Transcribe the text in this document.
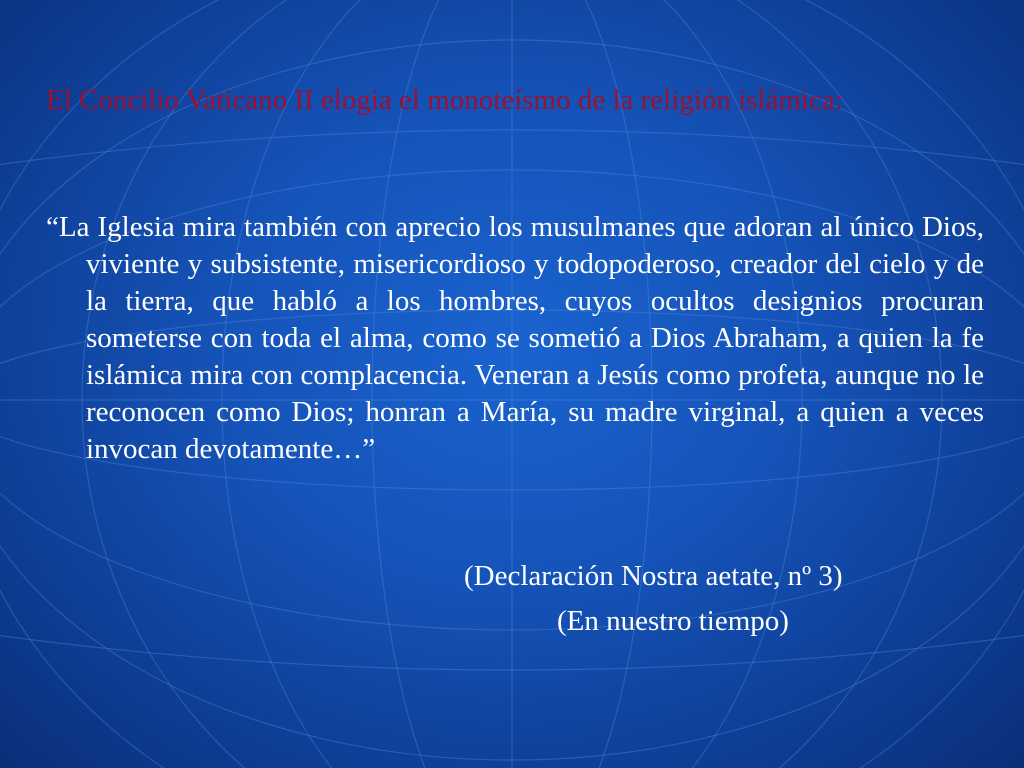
El Concilio Vaticano II elogia el monoteísmo de la religión islámica:

“La Iglesia mira también con aprecio los musulmanes que adoran al único Dios, viviente y subsistente, misericordioso y todopoderoso, creador del cielo y de la tierra, que habló a los hombres, cuyos ocultos designios procuran someterse con toda el alma, como se sometió a Dios Abraham, a quien la fe islámica mira con complacencia. Veneran a Jesús como profeta, aunque no le reconocen como Dios; honran a María, su madre virginal, a quien a veces invocan devotamente…”

(Declaración Nostra aetate, nº 3)

(En nuestro tiempo)
